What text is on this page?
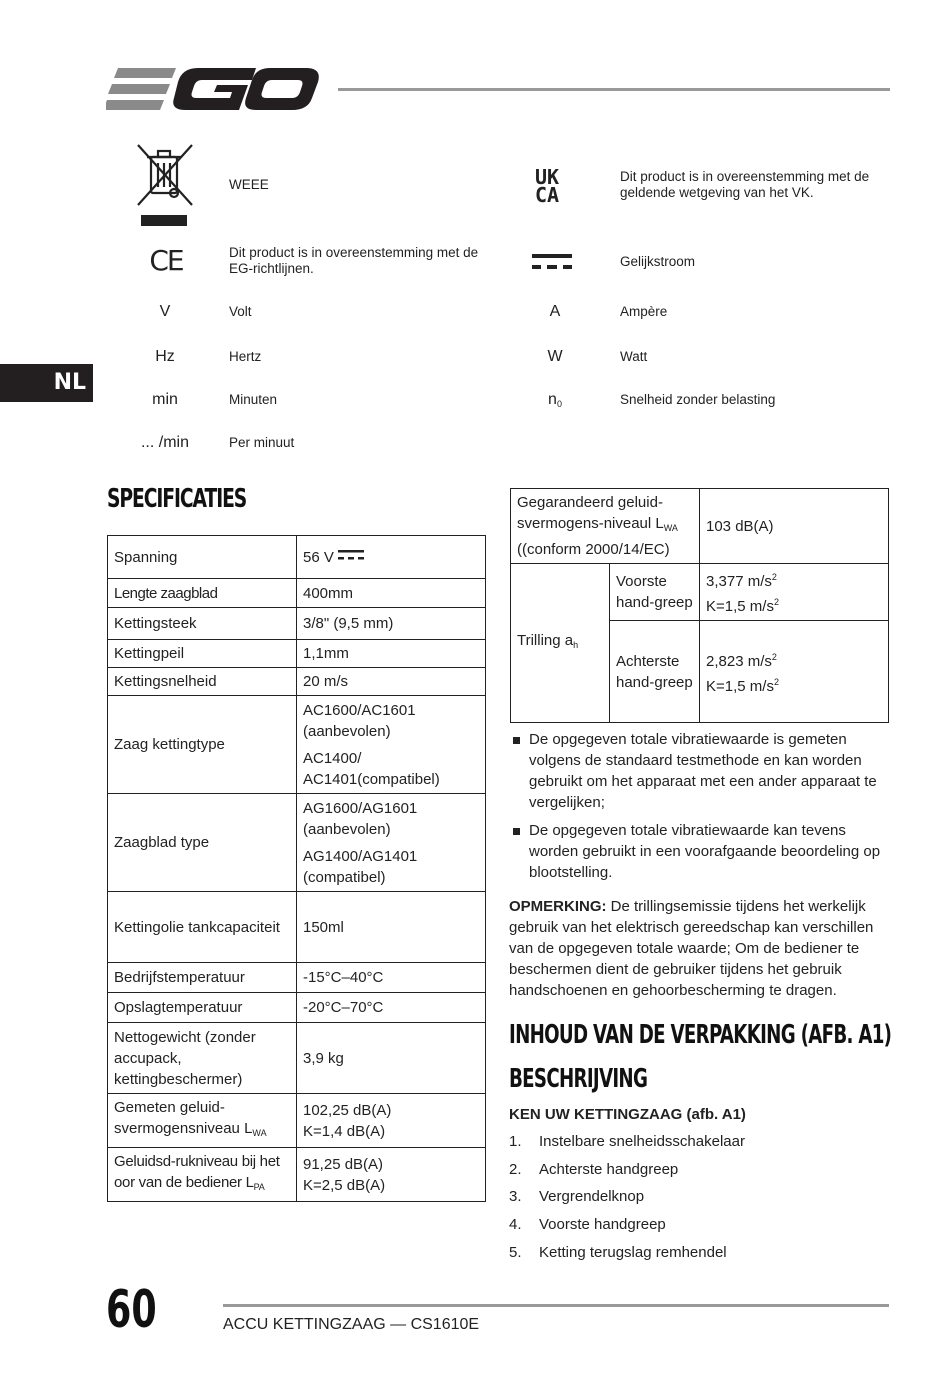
NL
WEEE
CE	Dit product is in overeenstemming met de EG-richtlijnen.
V	Volt
Hz	Hertz
min	Minuten
... /min	Per minuut
UK CA
Dit product is in overeenstemming met de geldende wetgeving van het VK.
Gelijkstroom
A	Ampère
W	Watt
$n_0$	Snelheid zonder belasting
SPECIFICATIES
Spanning	56 V
Lengte zaagblad	400mm
Kettingsteek	3/8" (9,5 mm)
Kettingpeil	1,1mm
Kettingsnelheid	20 m/s
Zaag kettingtype	AC1600/AC1601 (aanbevolen)
AC1400/ AC1401(compatibel)

Zaagblad type	AG1600/AG1601 (aanbevolen)
AG1400/AG1401 (compatibel)

Kettingolie tankcapaciteit	150ml
Bedrijfstemperatuur	-15°C–40°C
Opslagtemperatuur	-20°C–70°C
Nettogewicht (zonder accupack, kettingbeschermer)	3,9 kg
Gemeten geluid-svermogensniveau $L_{WA}$	102,25 dB(A)
K=1,4 dB(A)

Geluidsd-rukniveau bij het oor van de bediener $L_{PA}$	91,25 dB(A)
K=2,5 dB(A)
Gegarandeerd geluid-svermogens-niveaul $L_{WA}$
((conform 2000/14/EC)		103 dB(A)
Trilling $a_h$	Voorste hand-greep	3,377 $m/s^2$
K=1,5 $m/s^2$

	Achterste hand-greep	2,823 $m/s^2$
K=1,5 $m/s^2$
De opgegeven totale vibratiewaarde is gemeten volgens de standaard testmethode en kan worden gebruikt om het apparaat met een ander apparaat te vergelijken;
De opgegeven totale vibratiewaarde kan tevens worden gebruikt in een voorafgaande beoordeling op blootstelling.
OPMERKING: De trillingsemissie tijdens het werkelijk gebruik van het elektrisch gereedschap kan verschillen van de opgegeven totale waarde; Om de bediener te beschermen dient de gebruiker tijdens het gebruik handschoenen en gehoorbescherming te dragen.
INHOUD VAN DE VERPAKKING (AFB. A1)
BESCHRIJVING
KEN UW KETTINGZAAG (afb. A1)
1.	Instelbare snelheidsschakelaar
2.	Achterste handgreep
3.	Vergrendelknop
4.	Voorste handgreep
5.	Ketting terugslag remhendel
60	ACCU KETTINGZAAG — CS1610E
